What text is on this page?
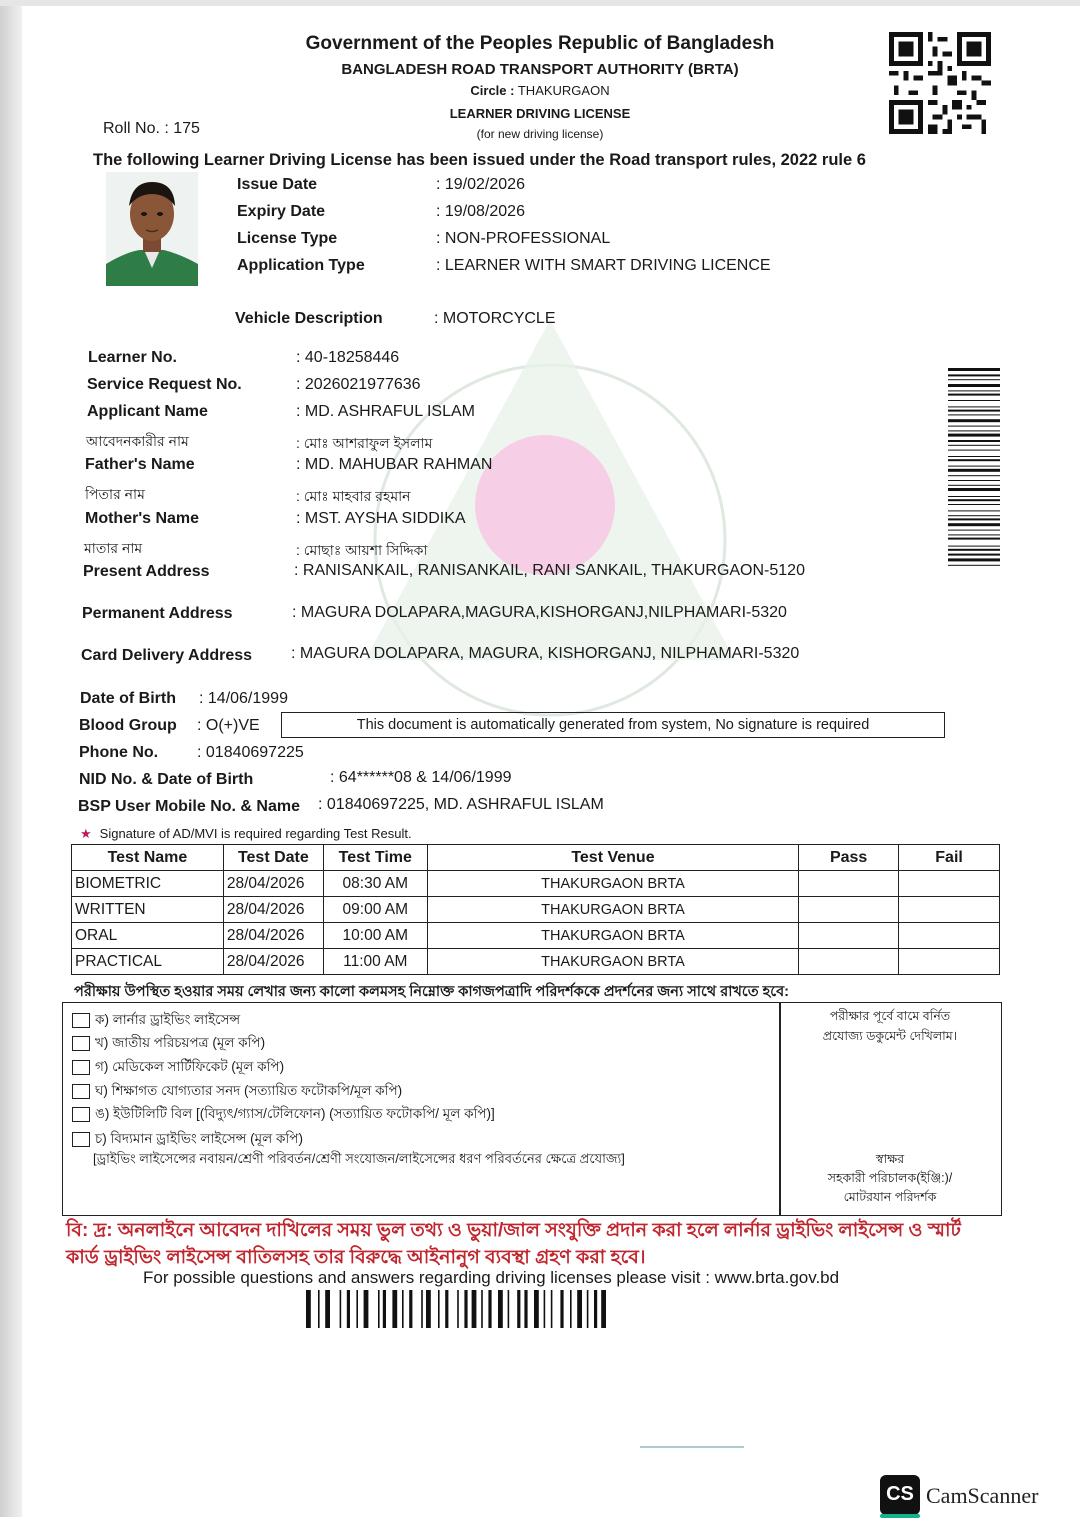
Government of the Peoples Republic of Bangladesh
BANGLADESH ROAD TRANSPORT AUTHORITY (BRTA)
Circle : THAKURGAON
LEARNER DRIVING LICENSE
(for new driving license)
Roll No. : 175
The following Learner Driving License has been issued under the Road transport rules, 2022 rule 6
Issue Date	: 19/02/2026
Expiry Date	: 19/08/2026
License Type	: NON-PROFESSIONAL
Application Type	: LEARNER WITH SMART DRIVING LICENCE
Vehicle Description	: MOTORCYCLE
Learner No.	: 40-18258446
Service Request No.	: 2026021977636
Applicant Name	: MD. ASHRAFUL ISLAM
আবেদনকারীর নাম	: মোঃ আশরাফুল ইসলাম
Father's Name	: MD. MAHUBAR RAHMAN
পিতার নাম	: মোঃ মাহবার রহমান
Mother's Name	: MST. AYSHA SIDDIKA
মাতার নাম	: মোছাঃ আয়শা সিদ্দিকা
Present Address	: RANISANKAIL, RANISANKAIL, RANI SANKAIL, THAKURGAON-5120
Permanent Address	: MAGURA DOLAPARA,MAGURA,KISHORGANJ,NILPHAMARI-5320
Card Delivery Address : MAGURA DOLAPARA, MAGURA, KISHORGANJ, NILPHAMARI-5320
Date of Birth : 14/06/1999
Blood Group : O(+)VE	This document is automatically generated from system, No signature is required
Phone No. : 01840697225
NID No. & Date of Birth	: 64******08 & 14/06/1999
BSP User Mobile No. & Name : 01840697225, MD. ASHRAFUL ISLAM
★ Signature of AD/MVI is required regarding Test Result.
Test Name	Test Date	Test Time	Test Venue	Pass	Fail
BIOMETRIC	28/04/2026	08:30 AM	THAKURGAON BRTA		
WRITTEN	28/04/2026	09:00 AM	THAKURGAON BRTA		
ORAL	28/04/2026	10:00 AM	THAKURGAON BRTA		
PRACTICAL	28/04/2026	11:00 AM	THAKURGAON BRTA		
পরীক্ষায় উপস্থিত হওয়ার সময় লেখার জন্য কালো কলমসহ নিম্নোক্ত কাগজপত্রাদি পরিদর্শককে প্রদর্শনের জন্য সাথে রাখতে হবে:
ক) লার্নার ড্রাইভিং লাইসেন্স
খ) জাতীয় পরিচয়পত্র (মূল কপি)
গ) মেডিকেল সার্টিফিকেট (মূল কপি)
ঘ) শিক্ষাগত যোগ্যতার সনদ (সত্যায়িত ফটোকপি/মূল কপি)
ঙ) ইউটিলিটি বিল [(বিদ্যুৎ/গ্যাস/টেলিফোন) (সত্যায়িত ফটোকপি/ মূল কপি)]
চ) বিদ্যমান ড্রাইভিং লাইসেন্স (মূল কপি)
[ড্রাইভিং লাইসেন্সের নবায়ন/শ্রেণী পরিবর্তন/শ্রেণী সংযোজন/লাইসেন্সের ধরণ পরিবর্তনের ক্ষেত্রে প্রযোজ্য]
পরীক্ষার পূর্বে বামে বর্নিত
প্রযোজ্য ডকুমেন্ট দেখিলাম।
স্বাক্ষর
সহকারী পরিচালক(ইঞ্জি:)/
মোটরযান পরিদর্শক
বি: দ্র: অনলাইনে আবেদন দাখিলের সময় ভুল তথ্য ও ভুয়া/জাল সংযুক্তি প্রদান করা হলে লার্নার ড্রাইভিং লাইসেন্স ও স্মার্ট কার্ড ড্রাইভিং লাইসেন্স বাতিলসহ তার বিরুদ্ধে আইনানুগ ব্যবস্থা গ্রহণ করা হবে।
For possible questions and answers regarding driving licenses please visit : www.brta.gov.bd
CS CamScanner
